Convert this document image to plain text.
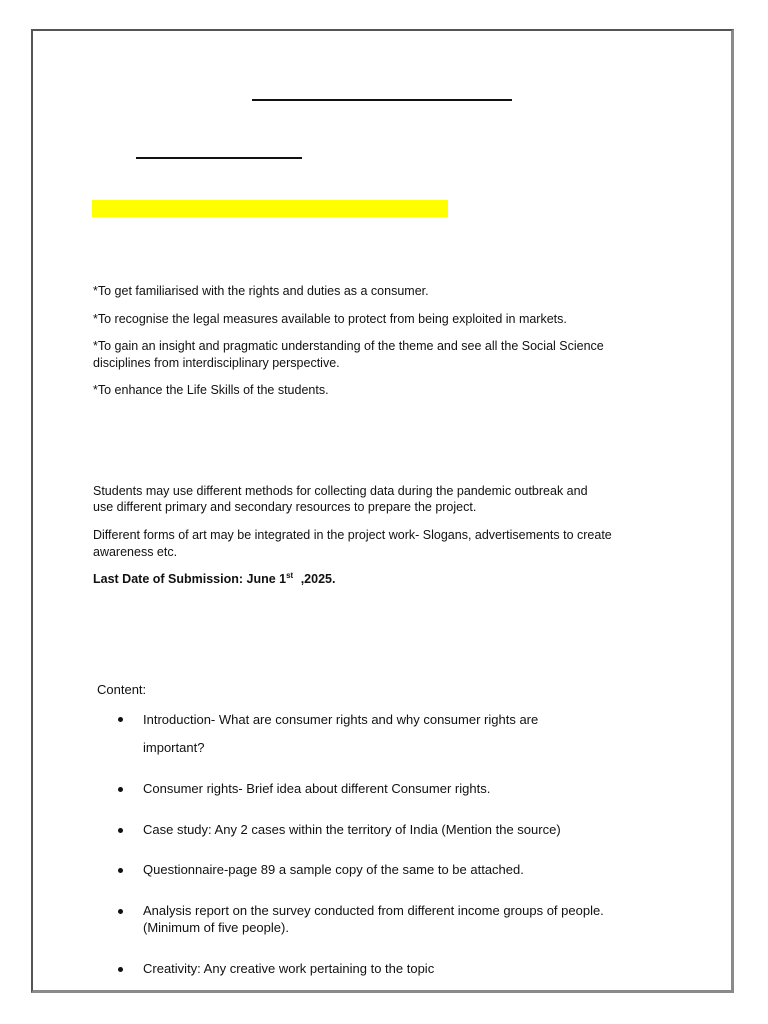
*To get familiarised with the rights and duties as a consumer.

*To recognise the legal measures available to protect from being exploited in markets.

*To gain an insight and pragmatic understanding of the theme and see all the Social Science

disciplines from interdisciplinary perspective.

*To enhance the Life Skills of the students.

Students may use different methods for collecting data during the pandemic outbreak and

use different primary and secondary resources to prepare the project.

Different forms of art may be integrated in the project work- Slogans, advertisements to create

awareness etc.

Last Date of Submission: June 1st ,2025.

Content:
Introduction- What are consumer rights and why consumer rights are
important?
Consumer rights- Brief idea about different Consumer rights.
Case study: Any 2 cases within the territory of India (Mention the source)
Questionnaire-page 89 a sample copy of the same to be attached.
Analysis report on the survey conducted from different income groups of people.
(Minimum of five people).
Creativity: Any creative work pertaining to the topic
